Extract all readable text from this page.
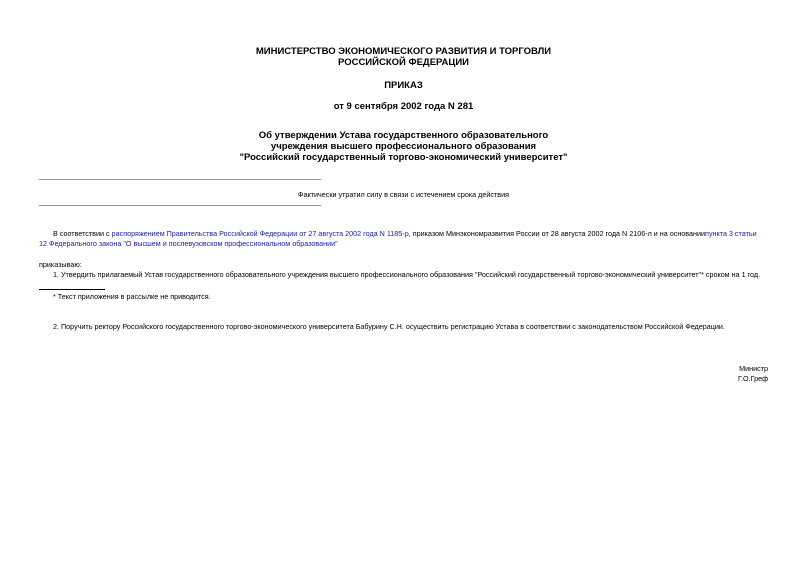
МИНИСТЕРСТВО ЭКОНОМИЧЕСКОГО РАЗВИТИЯ И ТОРГОВЛИ
РОССИЙСКОЙ ФЕДЕРАЦИИ
ПРИКАЗ
от 9 сентября 2002 года N 281
Об утверждении Устава государственного образовательного
учреждения высшего профессионального образования
"Российский государственный торгово-экономический университет"
Фактически утратил силу в связи с истечением срока действия
В соответствии с распоряжением Правительства Российской Федерации от 27 августа 2002 года N 1185-р, приказом Минэкономразвития России от 28 августа 2002 года N 2106-л и на основаниипункта 3 статьи
12 Федерального закона "О высшем и послевузовском профессиональном образовании"
приказываю:
1. Утвердить прилагаемый Устав государственного образовательного учреждения высшего профессионального образования "Российский государственный торгово-экономический университет"* сроком на 1 год.
* Текст приложения в рассылке не приводится.
2. Поручить ректору Российского государственного торгово-экономического университета Бабурину С.Н. осуществить регистрацию Устава в соответствии с законодательством Российской Федерации.
Министр
Г.О.Греф
